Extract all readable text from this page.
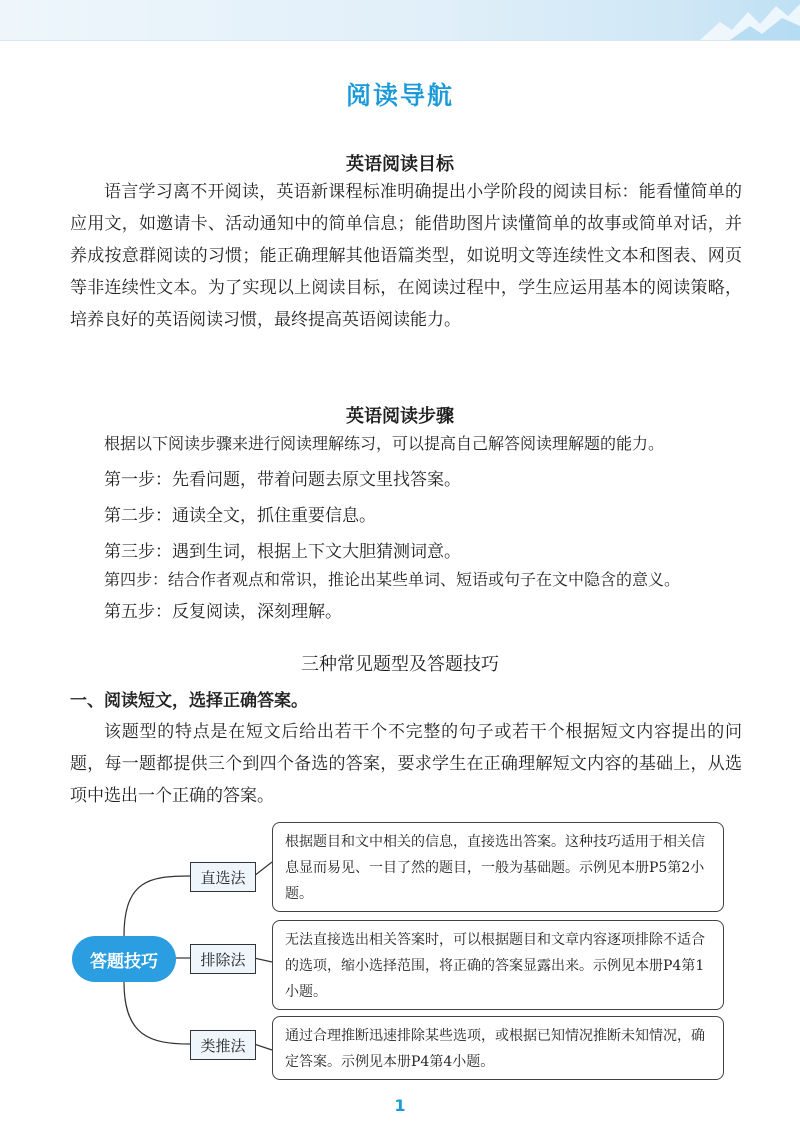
阅读导航
英语阅读目标

语言学习离不开阅读，英语新课程标准明确提出小学阶段的阅读目标：能看懂简单的应用文，如邀请卡、活动通知中的简单信息；能借助图片读懂简单的故事或简单对话，并养成按意群阅读的习惯；能正确理解其他语篇类型，如说明文等连续性文本和图表、网页等非连续性文本。为了实现以上阅读目标，在阅读过程中，学生应运用基本的阅读策略，培养良好的英语阅读习惯，最终提高英语阅读能力。

英语阅读步骤

根据以下阅读步骤来进行阅读理解练习，可以提高自己解答阅读理解题的能力。

第一步：先看问题，带着问题去原文里找答案。

第二步：通读全文，抓住重要信息。

第三步：遇到生词，根据上下文大胆猜测词意。

第四步：结合作者观点和常识，推论出某些单词、短语或句子在文中隐含的意义。

第五步：反复阅读，深刻理解。

三种常见题型及答题技巧
一、阅读短文，选择正确答案。

该题型的特点是在短文后给出若干个不完整的句子或若干个根据短文内容提出的问题，每一题都提供三个到四个备选的答案，要求学生在正确理解短文内容的基础上，从选项中选出一个正确的答案。

答题技巧
直选法
排除法
类推法
根据题目和文中相关的信息，直接选出答案。这种技巧适用于相关信息显而易见、一目了然的题目，一般为基础题。示例见本册P5第2小题。
无法直接选出相关答案时，可以根据题目和文章内容逐项排除不适合的选项，缩小选择范围，将正确的答案显露出来。示例见本册P4第1小题。
通过合理推断迅速排除某些选项，或根据已知情况推断未知情况，确定答案。示例见本册P4第4小题。
1
